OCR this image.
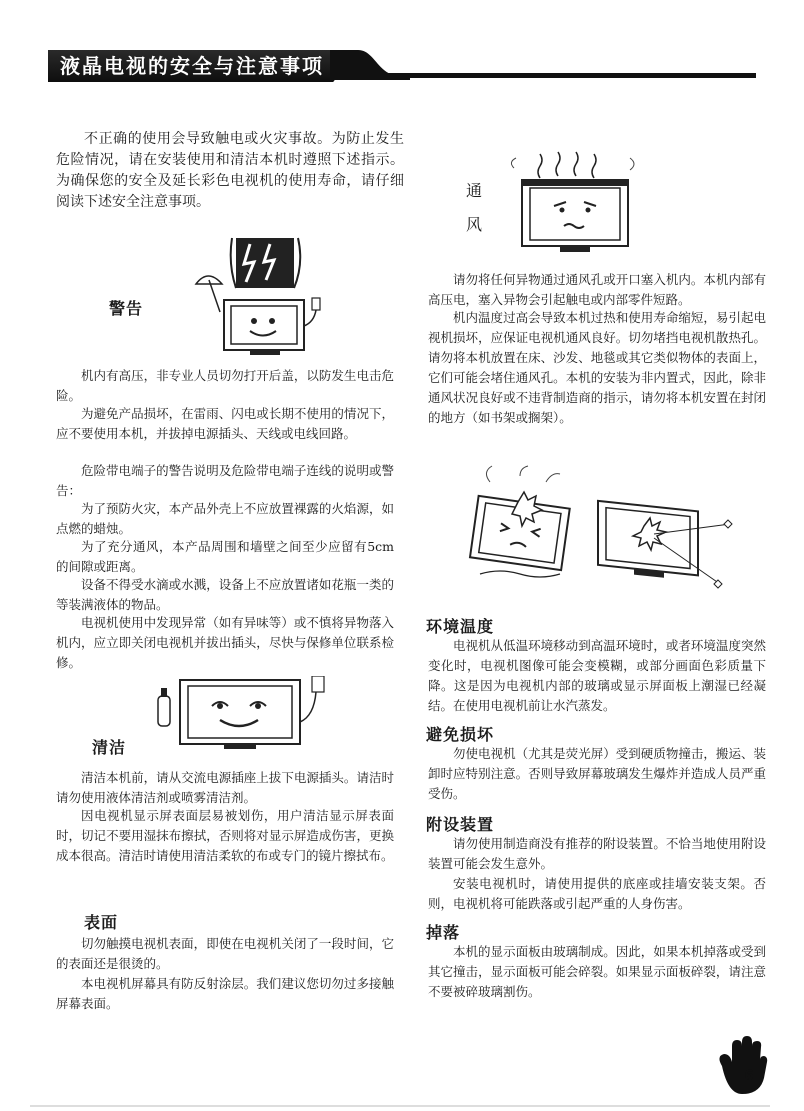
液晶电视的安全与注意事项

不正确的使用会导致触电或火灾事故。为防止发生危险情况，请在安装使用和清洁本机时遵照下述指示。为确保您的安全及延长彩色电视机的使用寿命，请仔细阅读下述安全注意事项。

警告

机内有高压，非专业人员切勿打开后盖，以防发生电击危险。

为避免产品损坏，在雷雨、闪电或长期不使用的情况下，应不要使用本机，并拔掉电源插头、天线或电线回路。

危险带电端子的警告说明及危险带电端子连线的说明或警告：

为了预防火灾，本产品外壳上不应放置裸露的火焰源，如点燃的蜡烛。

为了充分通风，本产品周围和墙壁之间至少应留有5cm的间隙或距离。

设备不得受水滴或水溅，设备上不应放置诸如花瓶一类的等装满液体的物品。

电视机使用中发现异常（如有异味等）或不慎将异物落入机内，应立即关闭电视机并拔出插头，尽快与保修单位联系检修。

清洁

清洁本机前，请从交流电源插座上拔下电源插头。请洁时请勿使用液体清洁剂或喷雾清洁剂。

因电视机显示屏表面层易被划伤，用户清洁显示屏表面时，切记不要用湿抹布擦拭，否则将对显示屏造成伤害，更换成本很高。清洁时请使用清洁柔软的布或专门的镜片擦拭布。

表面

切勿触摸电视机表面，即使在电视机关闭了一段时间，它的表面还是很烫的。

本电视机屏幕具有防反射涂层。我们建议您切勿过多接触屏幕表面。

通
风

请勿将任何异物通过通风孔或开口塞入机内。本机内部有高压电，塞入异物会引起触电或内部零件短路。

机内温度过高会导致本机过热和使用寿命缩短，易引起电视机损坏，应保证电视机通风良好。切勿堵挡电视机散热孔。请勿将本机放置在床、沙发、地毯或其它类似物体的表面上，它们可能会堵住通风孔。本机的安装为非内置式，因此，除非通风状况良好或不违背制造商的指示，请勿将本机安置在封闭的地方（如书架或搁架）。

环境温度

电视机从低温环境移动到高温环境时，或者环境温度突然变化时，电视机图像可能会变模糊，或部分画面色彩质量下降。这是因为电视机内部的玻璃或显示屏面板上潮湿已经凝结。在使用电视机前让水汽蒸发。

避免损坏

勿使电视机（尤其是荧光屏）受到硬质物撞击，搬运、装卸时应特别注意。否则导致屏幕玻璃发生爆炸并造成人员严重受伤。

附设装置

请勿使用制造商没有推荐的附设装置。不恰当地使用附设装置可能会发生意外。

安装电视机时，请使用提供的底座或挂墙安装支架。否则，电视机将可能跌落或引起严重的人身伤害。

掉落

本机的显示面板由玻璃制成。因此，如果本机掉落或受到其它撞击，显示面板可能会碎裂。如果显示面板碎裂，请注意不要被碎玻璃割伤。

6
